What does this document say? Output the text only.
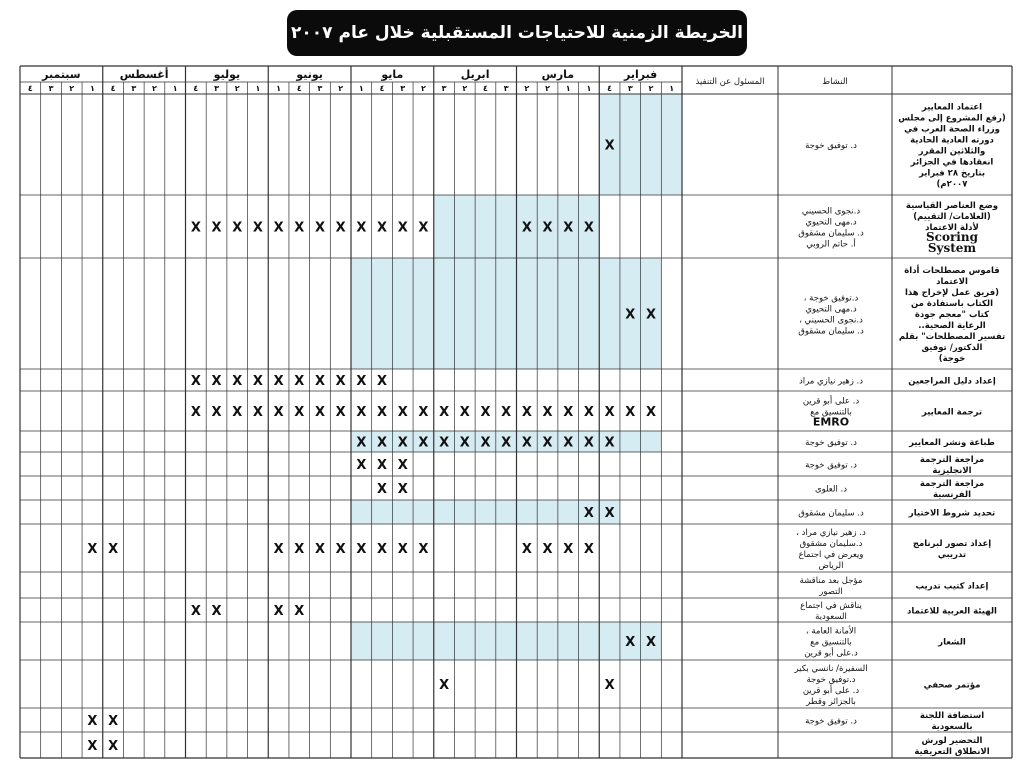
الخريطة الزمنية للاحتياجات المستقبلية خلال عام ٢٠٠٧
فبراير
مارس
ابريل
مايو
يونيو
يوليو
أغسطس
سبتمبر
١
٢
٣
٤
١
١
٢
٢
٣
٤
٢
٣
٢
٣
٤
١
٢
٣
٤
١
١
٢
٣
٤
١
٢
٣
٤
١
٢
٣
٤
المسئول عن التنفيذ	النشاط
اعتماد المعايير
(رفع المشروع إلى مجلس
وزراء الصحة العرب في
دورته العادية الحادية
والثلاثين المقرر
انعقادها في الجزائر
بتاريخ ٢٨ فبراير
٢٠٠٧م)
د. توفيق خوجة
X
وضع العناصر القياسية
(العلامات/ التقييم)
لأدلة الاعتماد
Scoring
System
د.نجوى الحسيني
د.مهى التحيوي
د. سليمان مشقوق
أ. حاتم الروبي
X
X
X
X
X
X
X
X
X
X
X
X
X
X
X
X
قاموس مصطلحات أداة
الاعتماد
(فريق عمل لإخراج هذا
الكتاب باستفادة من
كتاب "معجم جودة
الرعاية الصحية..
تفسير المصطلحات" بقلم
الدكتور/ توفيق
خوجة)
د.توفيق خوجة ،
د.مهى التحيوي
د.نجوى الحسيني ،
د. سليمان مشقوق
X
X
إعداد دليل المراجعين
د. زهير نيازي مراد
X
X
X
X
X
X
X
X
X
X
ترجمة المعايير
د. على أبو قرين
بالتنسيق مع
EMRO
X
X
X
X
X
X
X
X
X
X
X
X
X
X
X
X
X
X
X
X
X
X
X
طباعة ونشر المعايير
د. توفيق خوجة
X
X
X
X
X
X
X
X
X
X
X
X
X
مراجعة الترجمة
الانجليزية
د. توفيق خوجة
X
X
X
مراجعة الترجمة
الفرنسية
د. العلوى
X
X
تحديد شروط الاختيار
د. سليمان مشقوق
X
X
إعداد تصور لبرنامج
تدريبي
د. زهير نيازي مراد ،
د.سليمان مشقوق
ويعرض في اجتماع
الرياض
X
X
X
X
X
X
X
X
X
X
X
X
X
X
إعداد كتيب تدريب
مؤجل بعد مناقشة
التصور
الهيئة العربية للاعتماد
يناقش في اجتماع
السعودية
X
X
X
X
الشعار
الأمانة العامة ،
بالتنسيق مع
د.على أبو قرين
X
X
مؤتمر صحفي
السفيرة/ نانسي بكير
د.توفيق خوجة
د. على أبو قرين
بالجزائر وقطر
X
X
استضافة اللجنة
بالسعودية
د. توفيق خوجة
X
X
التحضير لورش
الانطلاق التعريفية
X
X
